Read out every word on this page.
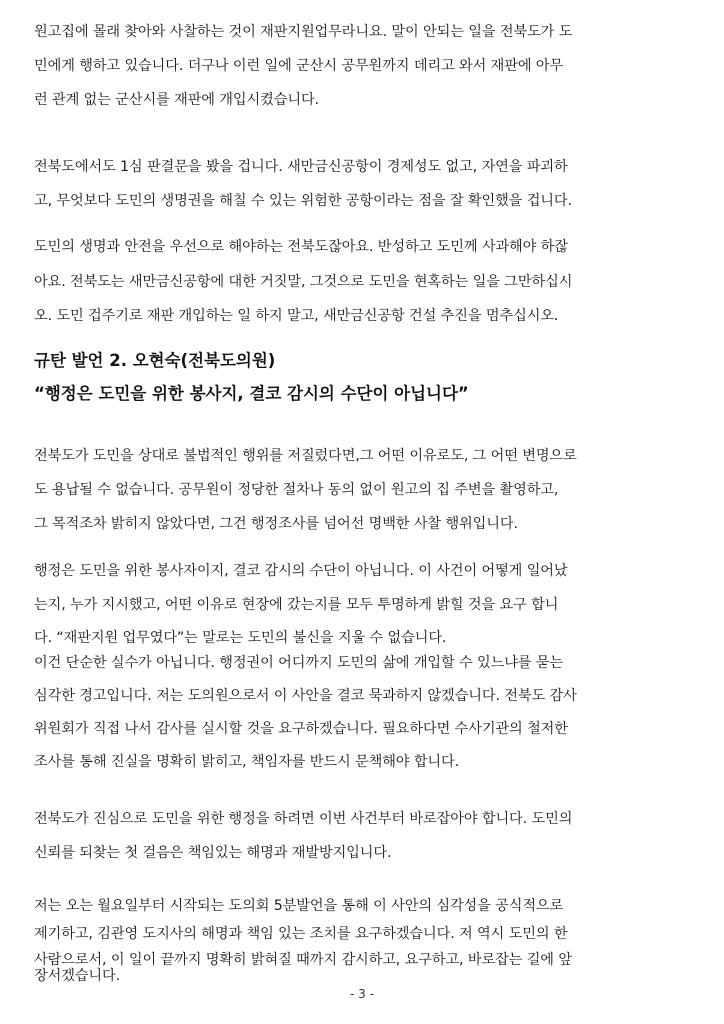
원고집에 몰래 찾아와 사찰하는 것이 재판지원업무라니요. 말이 안되는 일을 전북도가 도
민에게 행하고 있습니다. 더구나 이런 일에 군산시 공무원까지 데리고 와서 재판에 아무
런 관계 없는 군산시를 재판에 개입시켰습니다.
전북도에서도 1심 판결문을 봤을 겁니다. 새만금신공항이 경제성도 없고, 자연을 파괴하
고, 무엇보다 도민의 생명권을 해칠 수 있는 위험한 공항이라는 점을 잘 확인했을 겁니다.
도민의 생명과 안전을 우선으로 해야하는 전북도잖아요. 반성하고 도민께 사과해야 하잖
아요. 전북도는 새만금신공항에 대한 거짓말, 그것으로 도민을 현혹하는 일을 그만하십시
오. 도민 겁주기로 재판 개입하는 일 하지 말고, 새만금신공항 건설 추진을 멈추십시오.
규탄 발언 2. 오현숙(전북도의원)
“행정은 도민을 위한 봉사지, 결코 감시의 수단이 아닙니다”
전북도가 도민을 상대로 불법적인 행위를 저질렀다면,그 어떤 이유로도, 그 어떤 변명으로
도 용납될 수 없습니다. 공무원이 정당한 절차나 동의 없이 원고의 집 주변을 촬영하고,
그 목적조차 밝히지 않았다면, 그건 행정조사를 넘어선 명백한 사찰 행위입니다.
행정은 도민을 위한 봉사자이지, 결코 감시의 수단이 아닙니다. 이 사건이 어떻게 일어났
는지, 누가 지시했고, 어떤 이유로 현장에 갔는지를 모두 투명하게 밝힐 것을 요구 합니
다. “재판지원 업무였다”는 말로는 도민의 불신을 지울 수 없습니다.
이건 단순한 실수가 아닙니다. 행정권이 어디까지 도민의 삶에 개입할 수 있느냐를 묻는
심각한 경고입니다. 저는 도의원으로서 이 사안을 결코 묵과하지 않겠습니다. 전북도 감사
위원회가 직접 나서 감사를 실시할 것을 요구하겠습니다. 필요하다면 수사기관의 철저한
조사를 통해 진실을 명확히 밝히고, 책임자를 반드시 문책해야 합니다.
전북도가 진심으로 도민을 위한 행정을 하려면 이번 사건부터 바로잡아야 합니다. 도민의
신뢰를 되찾는 첫 걸음은 책임있는 해명과 재발방지입니다.
저는 오는 월요일부터 시작되는 도의회 5분발언을 통해 이 사안의 심각성을 공식적으로
제기하고, 김관영 도지사의 해명과 책임 있는 조치를 요구하겠습니다. 저 역시 도민의 한
사람으로서, 이 일이 끝까지 명확히 밝혀질 때까지 감시하고, 요구하고, 바로잡는 길에 앞
장서겠습니다.
- 3 -
